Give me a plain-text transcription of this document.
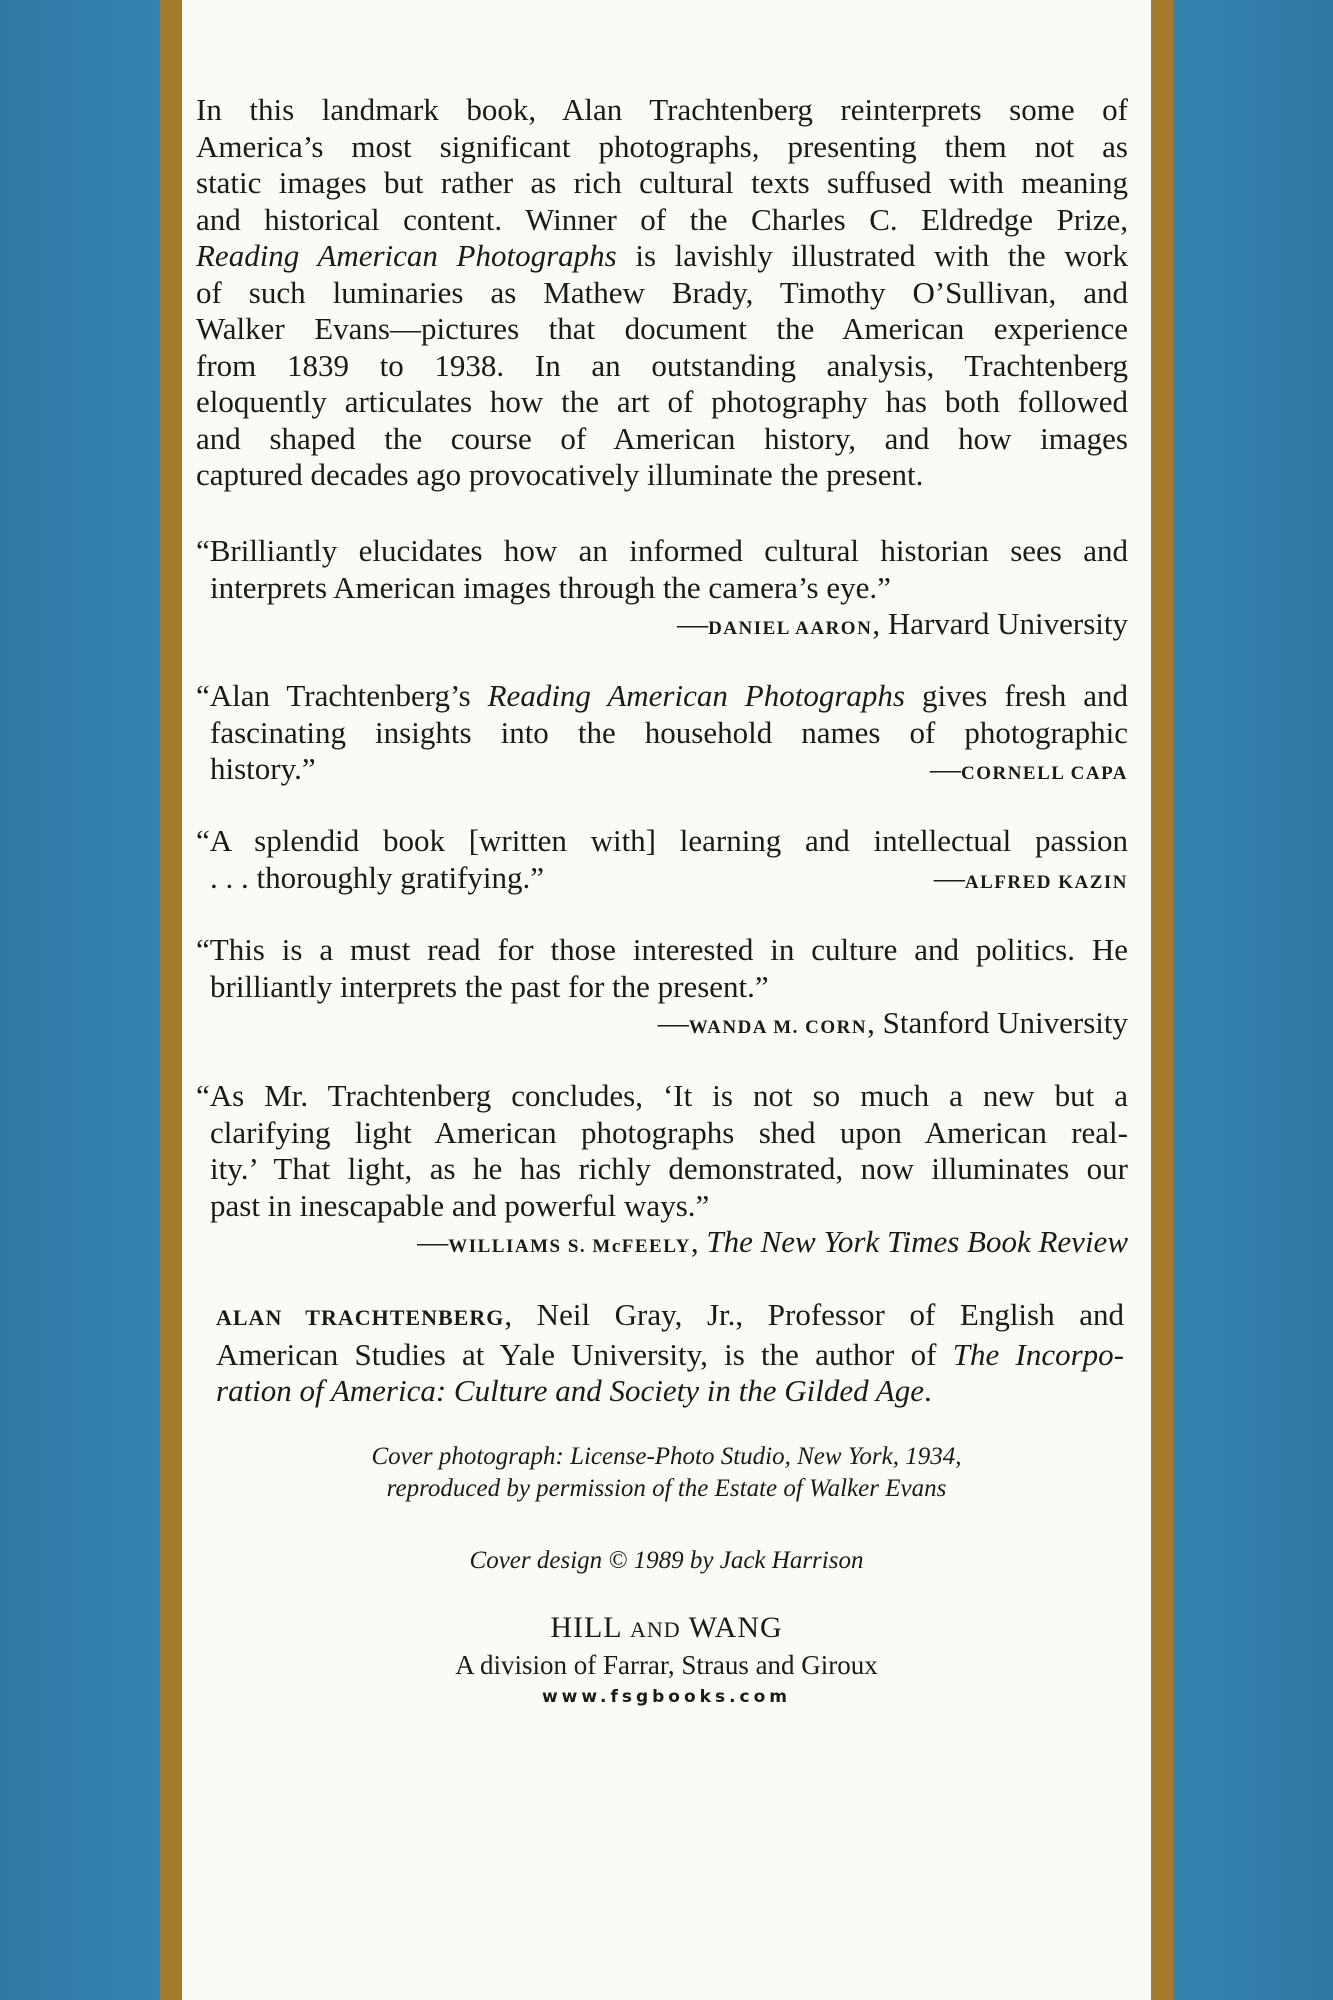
In this landmark book, Alan Trachtenberg reinterprets some of
America’s most significant photographs, presenting them not as
static images but rather as rich cultural texts suffused with meaning
and historical content. Winner of the Charles C. Eldredge Prize,
Reading American Photographs is lavishly illustrated with the work
of such luminaries as Mathew Brady, Timothy O’Sullivan, and
Walker Evans—pictures that document the American experience
from 1839 to 1938. In an outstanding analysis, Trachtenberg
eloquently articulates how the art of photography has both followed
and shaped the course of American history, and how images
captured decades ago provocatively illuminate the present.

“Brilliantly elucidates how an informed cultural historian sees and
interprets American images through the camera’s eye.”
—DANIEL AARON, Harvard University
“Alan Trachtenberg’s Reading American Photographs gives fresh and
fascinating insights into the household names of photographic
history.”	—CORNELL CAPA
“A splendid book [written with] learning and intellectual passion
. . . thoroughly gratifying.”	—ALFRED KAZIN
“This is a must read for those interested in culture and politics. He
brilliantly interprets the past for the present.”
—WANDA M. CORN, Stanford University
“As Mr. Trachtenberg concludes, ‘It is not so much a new but a
clarifying light American photographs shed upon American real-
ity.’ That light, as he has richly demonstrated, now illuminates our
past in inescapable and powerful ways.”
—WILLIAMS S. McFEELY, The New York Times Book Review
ALAN TRACHTENBERG, Neil Gray, Jr., Professor of English and
American Studies at Yale University, is the author of The Incorpo-
ration of America: Culture and Society in the Gilded Age.
Cover photograph: License-Photo Studio, New York, 1934,
reproduced by permission of the Estate of Walker Evans
Cover design © 1989 by Jack Harrison
HILL AND WANG
A division of Farrar, Straus and Giroux
www.fsgbooks.com
